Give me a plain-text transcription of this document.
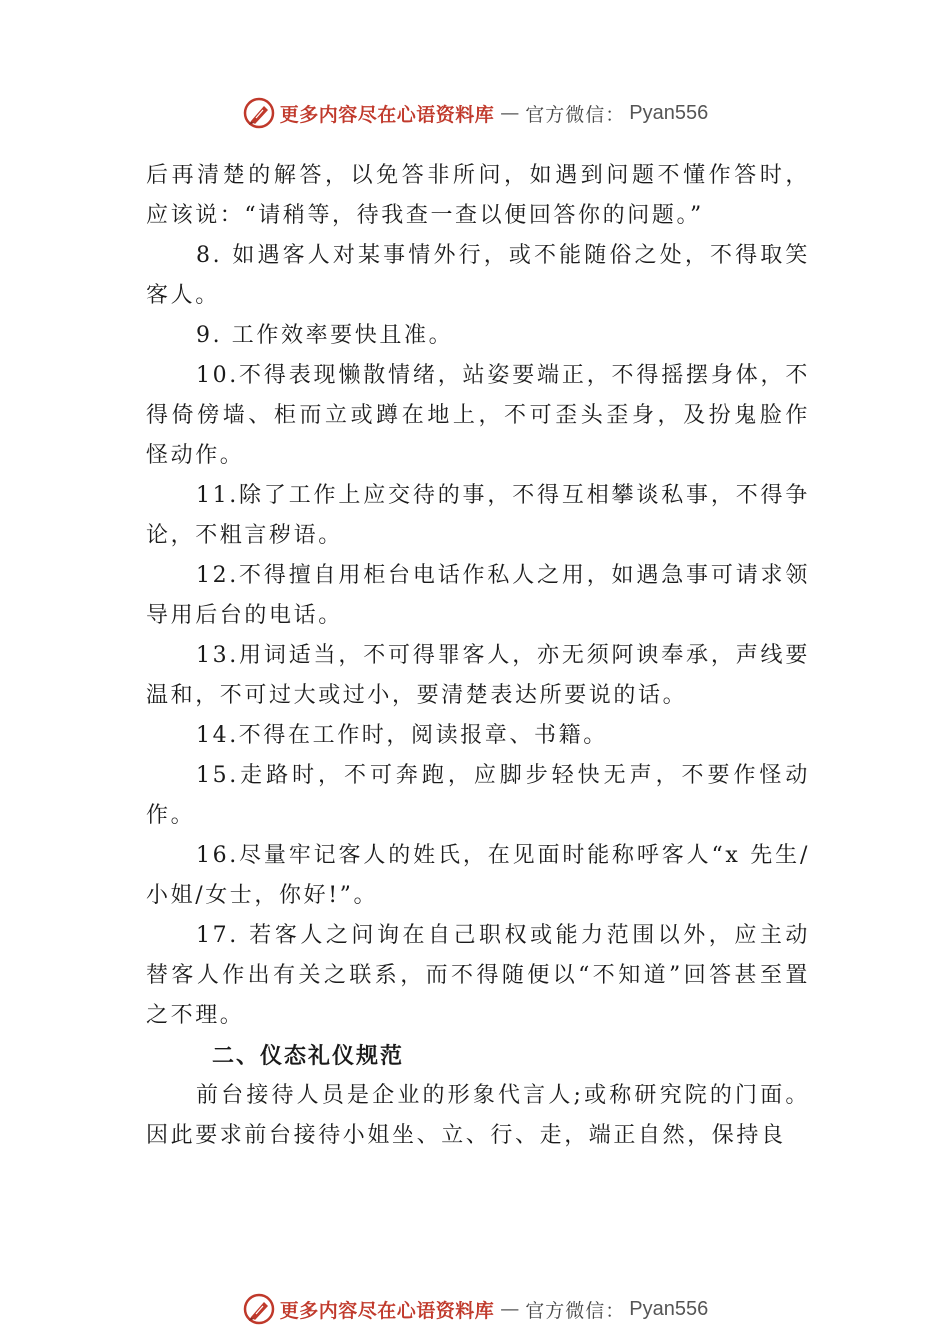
更多内容尽在心语资料库 — 官方微信： Pyan556

后再清楚的解答，以免答非所问，如遇到问题不懂作答时， 应该说：“请稍等，待我查一查以便回答你的问题。”

8. 如遇客人对某事情外行，或不能随俗之处，不得取笑客人。

9. 工作效率要快且准。

10.不得表现懒散情绪，站姿要端正，不得摇摆身体，不得倚傍墙、柜而立或蹲在地上，不可歪头歪身，及扮鬼脸作怪动作。

11.除了工作上应交待的事，不得互相攀谈私事，不得争论，不粗言秽语。

12.不得擅自用柜台电话作私人之用，如遇急事可请求领导用后台的电话。

13.用词适当，不可得罪客人，亦无须阿谀奉承，声线要温和，不可过大或过小，要清楚表达所要说的话。

14.不得在工作时，阅读报章、书籍。

15.走路时，不可奔跑，应脚步轻快无声，不要作怪动作。

16.尽量牢记客人的姓氏，在见面时能称呼客人“x 先生/小姐/女士，你好!”。

17. 若客人之问询在自己职权或能力范围以外，应主动替客人作出有关之联系，而不得随便以“不知道”回答甚至置之不理。

二、仪态礼仪规范

前台接待人员是企业的形象代言人;或称研究院的门面。因此要求前台接待小姐坐、立、行、走，端正自然，保持良

更多内容尽在心语资料库 — 官方微信： Pyan556
